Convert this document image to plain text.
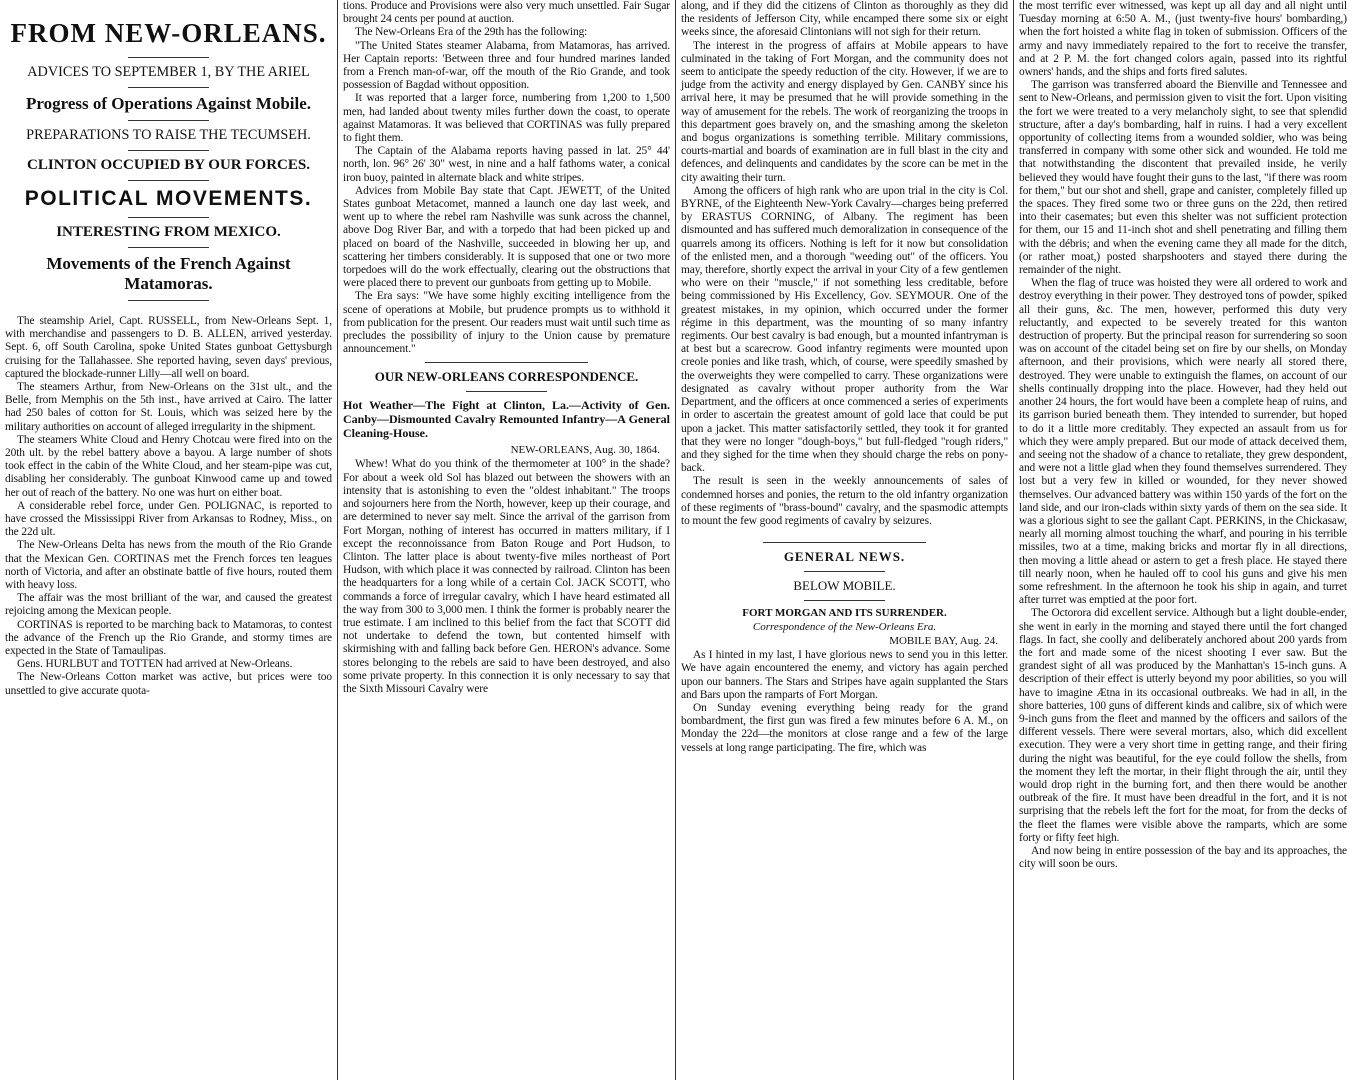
FROM NEW-ORLEANS.
ADVICES TO SEPTEMBER 1, BY THE ARIEL
Progress of Operations Against Mobile.
PREPARATIONS TO RAISE THE TECUMSEH.
CLINTON OCCUPIED BY OUR FORCES.
POLITICAL MOVEMENTS.
INTERESTING FROM MEXICO.
Movements of the French Against Matamoras.

The steamship Ariel, Capt. RUSSELL, from New-Orleans Sept. 1, with merchandise and passengers to D. B. ALLEN, arrived yesterday. Sept. 6, off South Carolina, spoke United States gunboat Gettysburgh cruising for the Tallahassee. She reported having, seven days' previous, captured the blockade-runner Lilly—all well on board.

The steamers Arthur, from New-Orleans on the 31st ult., and the Belle, from Memphis on the 5th inst., have arrived at Cairo. The latter had 250 bales of cotton for St. Louis, which was seized here by the military authorities on account of alleged irregularity in the shipment.

The steamers White Cloud and Henry Chotcau were fired into on the 20th ult. by the rebel battery above a bayou. A large number of shots took effect in the cabin of the White Cloud, and her steam-pipe was cut, disabling her considerably. The gunboat Kinwood came up and towed her out of reach of the battery. No one was hurt on either boat.

A considerable rebel force, under Gen. POLIGNAC, is reported to have crossed the Mississippi River from Arkansas to Rodney, Miss., on the 22d ult.

The New-Orleans Delta has news from the mouth of the Rio Grande that the Mexican Gen. CORTINAS met the French forces ten leagues north of Victoria, and after an obstinate battle of five hours, routed them with heavy loss.

The affair was the most brilliant of the war, and caused the greatest rejoicing among the Mexican people.

CORTINAS is reported to be marching back to Matamoras, to contest the advance of the French up the Rio Grande, and stormy times are expected in the State of Tamaulipas.

Gens. HURLBUT and TOTTEN had arrived at New-Orleans.

The New-Orleans Cotton market was active, but prices were too unsettled to give accurate quota-

tions. Produce and Provisions were also very much unsettled. Fair Sugar brought 24 cents per pound at auction.

The New-Orleans Era of the 29th has the following:

"The United States steamer Alabama, from Matamoras, has arrived. Her Captain reports: 'Between three and four hundred marines landed from a French man-of-war, off the mouth of the Rio Grande, and took possession of Bagdad without opposition.

It was reported that a larger force, numbering from 1,200 to 1,500 men, had landed about twenty miles further down the coast, to operate against Matamoras. It was believed that CORTINAS was fully prepared to fight them.

The Captain of the Alabama reports having passed in lat. 25° 44' north, lon. 96° 26' 30" west, in nine and a half fathoms water, a conical iron buoy, painted in alternate black and white stripes.

Advices from Mobile Bay state that Capt. JEWETT, of the United States gunboat Metacomet, manned a launch one day last week, and went up to where the rebel ram Nashville was sunk across the channel, above Dog River Bar, and with a torpedo that had been picked up and placed on board of the Nashville, succeeded in blowing her up, and scattering her timbers considerably. It is supposed that one or two more torpedoes will do the work effectually, clearing out the obstructions that were placed there to prevent our gunboats from getting up to Mobile.

The Era says: "We have some highly exciting intelligence from the scene of operations at Mobile, but prudence prompts us to withhold it from publication for the present. Our readers must wait until such time as precludes the possibility of injury to the Union cause by premature announcement."

OUR NEW-ORLEANS CORRESPONDENCE.
Hot Weather—The Fight at Clinton, La.—Activity of Gen. Canby—Dismounted Cavalry Remounted Infantry—A General Cleaning-House.
NEW-ORLEANS, Aug. 30, 1864.

Whew! What do you think of the thermometer at 100° in the shade? For about a week old Sol has blazed out between the showers with an intensity that is astonishing to even the "oldest inhabitant." The troops and sojourners here from the North, however, keep up their courage, and are determined to never say melt. Since the arrival of the garrison from Fort Morgan, nothing of interest has occurred in matters military, if I except the reconnoissance from Baton Rouge and Port Hudson, to Clinton. The latter place is about twenty-five miles northeast of Port Hudson, with which place it was connected by railroad. Clinton has been the headquarters for a long while of a certain Col. JACK SCOTT, who commands a force of irregular cavalry, which I have heard estimated all the way from 300 to 3,000 men. I think the former is probably nearer the true estimate. I am inclined to this belief from the fact that SCOTT did not undertake to defend the town, but contented himself with skirmishing with and falling back before Gen. HERON's advance. Some stores belonging to the rebels are said to have been destroyed, and also some private property. In this connection it is only necessary to say that the Sixth Missouri Cavalry were

along, and if they did the citizens of Clinton as thoroughly as they did the residents of Jefferson City, while encamped there some six or eight weeks since, the aforesaid Clintonians will not sigh for their return.

The interest in the progress of affairs at Mobile appears to have culminated in the taking of Fort Morgan, and the community does not seem to anticipate the speedy reduction of the city. However, if we are to judge from the activity and energy displayed by Gen. CANBY since his arrival here, it may be presumed that he will provide something in the way of amusement for the rebels. The work of reorganizing the troops in this department goes bravely on, and the smashing among the skeleton and bogus organizations is something terrible. Military commissions, courts-martial and boards of examination are in full blast in the city and defences, and delinquents and candidates by the score can be met in the city awaiting their turn.

Among the officers of high rank who are upon trial in the city is Col. BYRNE, of the Eighteenth New-York Cavalry—charges being preferred by ERASTUS CORNING, of Albany. The regiment has been dismounted and has suffered much demoralization in consequence of the quarrels among its officers. Nothing is left for it now but consolidation of the enlisted men, and a thorough "weeding out" of the officers. You may, therefore, shortly expect the arrival in your City of a few gentlemen who were on their "muscle," if not something less creditable, before being commissioned by His Excellency, Gov. SEYMOUR. One of the greatest mistakes, in my opinion, which occurred under the former régime in this department, was the mounting of so many infantry regiments. Our best cavalry is bad enough, but a mounted infantryman is at best but a scarecrow. Good infantry regiments were mounted upon creole ponies and like trash, which, of course, were speedily smashed by the overweights they were compelled to carry. These organizations were designated as cavalry without proper authority from the War Department, and the officers at once commenced a series of experiments in order to ascertain the greatest amount of gold lace that could be put upon a jacket. This matter satisfactorily settled, they took it for granted that they were no longer "dough-boys," but full-fledged "rough riders," and they sighed for the time when they should charge the rebs on pony-back.

The result is seen in the weekly announcements of sales of condemned horses and ponies, the return to the old infantry organization of these regiments of "brass-bound" cavalry, and the spasmodic attempts to mount the few good regiments of cavalry by seizures.

GENERAL NEWS.
BELOW MOBILE.
FORT MORGAN AND ITS SURRENDER.
Correspondence of the New-Orleans Era.
MOBILE BAY, Aug. 24.

As I hinted in my last, I have glorious news to send you in this letter. We have again encountered the enemy, and victory has again perched upon our banners. The Stars and Stripes have again supplanted the Stars and Bars upon the ramparts of Fort Morgan.

On Sunday evening everything being ready for the grand bombardment, the first gun was fired a few minutes before 6 A. M., on Monday the 22d—the monitors at close range and a few of the large vessels at long range participating. The fire, which was

the most terrific ever witnessed, was kept up all day and all night until Tuesday morning at 6:50 A. M., (just twenty-five hours' bombarding,) when the fort hoisted a white flag in token of submission. Officers of the army and navy immediately repaired to the fort to receive the transfer, and at 2 P. M. the fort changed colors again, passed into its rightful owners' hands, and the ships and forts fired salutes.

The garrison was transferred aboard the Bienville and Tennessee and sent to New-Orleans, and permission given to visit the fort. Upon visiting the fort we were treated to a very melancholy sight, to see that splendid structure, after a day's bombarding, half in ruins. I had a very excellent opportunity of collecting items from a wounded soldier, who was being transferred in company with some other sick and wounded. He told me that notwithstanding the discontent that prevailed inside, he verily believed they would have fought their guns to the last, "if there was room for them," but our shot and shell, grape and canister, completely filled up the spaces. They fired some two or three guns on the 22d, then retired into their casemates; but even this shelter was not sufficient protection for them, our 15 and 11-inch shot and shell penetrating and filling them with the débris; and when the evening came they all made for the ditch, (or rather moat,) posted sharpshooters and stayed there during the remainder of the night.

When the flag of truce was hoisted they were all ordered to work and destroy everything in their power. They destroyed tons of powder, spiked all their guns, &c. The men, however, performed this duty very reluctantly, and expected to be severely treated for this wanton destruction of property. But the principal reason for surrendering so soon was on account of the citadel being set on fire by our shells, on Monday afternoon, and their provisions, which were nearly all stored there, destroyed. They were unable to extinguish the flames, on account of our shells continually dropping into the place. However, had they held out another 24 hours, the fort would have been a complete heap of ruins, and its garrison buried beneath them. They intended to surrender, but hoped to do it a little more creditably. They expected an assault from us for which they were amply prepared. But our mode of attack deceived them, and seeing not the shadow of a chance to retaliate, they grew despondent, and were not a little glad when they found themselves surrendered. They lost but a very few in killed or wounded, for they never showed themselves. Our advanced battery was within 150 yards of the fort on the land side, and our iron-clads within sixty yards of them on the sea side. It was a glorious sight to see the gallant Capt. PERKINS, in the Chickasaw, nearly all morning almost touching the wharf, and pouring in his terrible missiles, two at a time, making bricks and mortar fly in all directions, then moving a little ahead or astern to get a fresh place. He stayed there till nearly noon, when he hauled off to cool his guns and give his men some refreshment. In the afternoon he took his ship in again, and turret after turret was emptied at the poor fort.

The Octorora did excellent service. Although but a light double-ender, she went in early in the morning and stayed there until the fort changed flags. In fact, she coolly and deliberately anchored about 200 yards from the fort and made some of the nicest shooting I ever saw. But the grandest sight of all was produced by the Manhattan's 15-inch guns. A description of their effect is utterly beyond my poor abilities, so you will have to imagine Ætna in its occasional outbreaks. We had in all, in the shore batteries, 100 guns of different kinds and calibre, six of which were 9-inch guns from the fleet and manned by the officers and sailors of the different vessels. There were several mortars, also, which did excellent execution. They were a very short time in getting range, and their firing during the night was beautiful, for the eye could follow the shells, from the moment they left the mortar, in their flight through the air, until they would drop right in the burning fort, and then there would be another outbreak of the fire. It must have been dreadful in the fort, and it is not surprising that the rebels left the fort for the moat, for from the decks of the fleet the flames were visible above the ramparts, which are some forty or fifty feet high.

And now being in entire possession of the bay and its approaches, the city will soon be ours.
